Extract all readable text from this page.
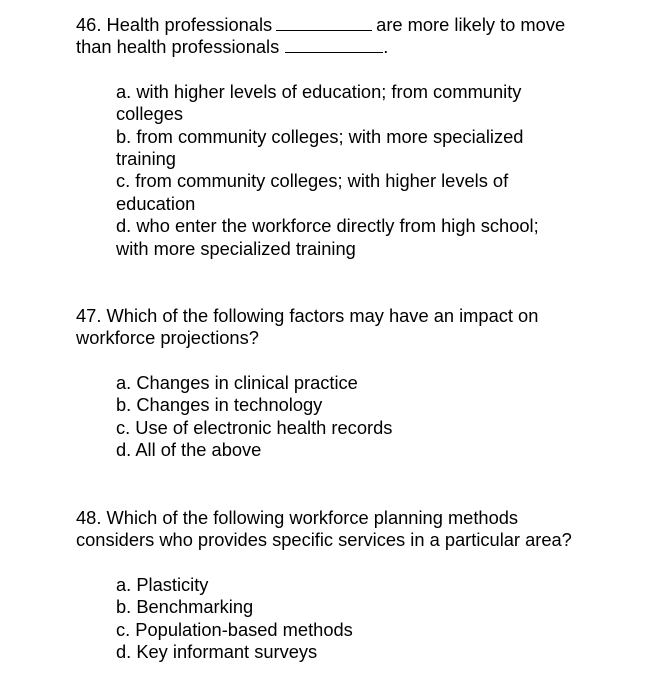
46. Health professionals	are more likely to move than health professionals	.

a. with higher levels of education; from community colleges
b. from community colleges; with more specialized training
c. from community colleges; with higher levels of education
d. who enter the workforce directly from high school; with more specialized training

47. Which of the following factors may have an impact on workforce projections?

a. Changes in clinical practice
b. Changes in technology
c. Use of electronic health records
d. All of the above

48. Which of the following workforce planning methods considers who provides specific services in a particular area?

a. Plasticity
b. Benchmarking
c. Population-based methods
d. Key informant surveys
